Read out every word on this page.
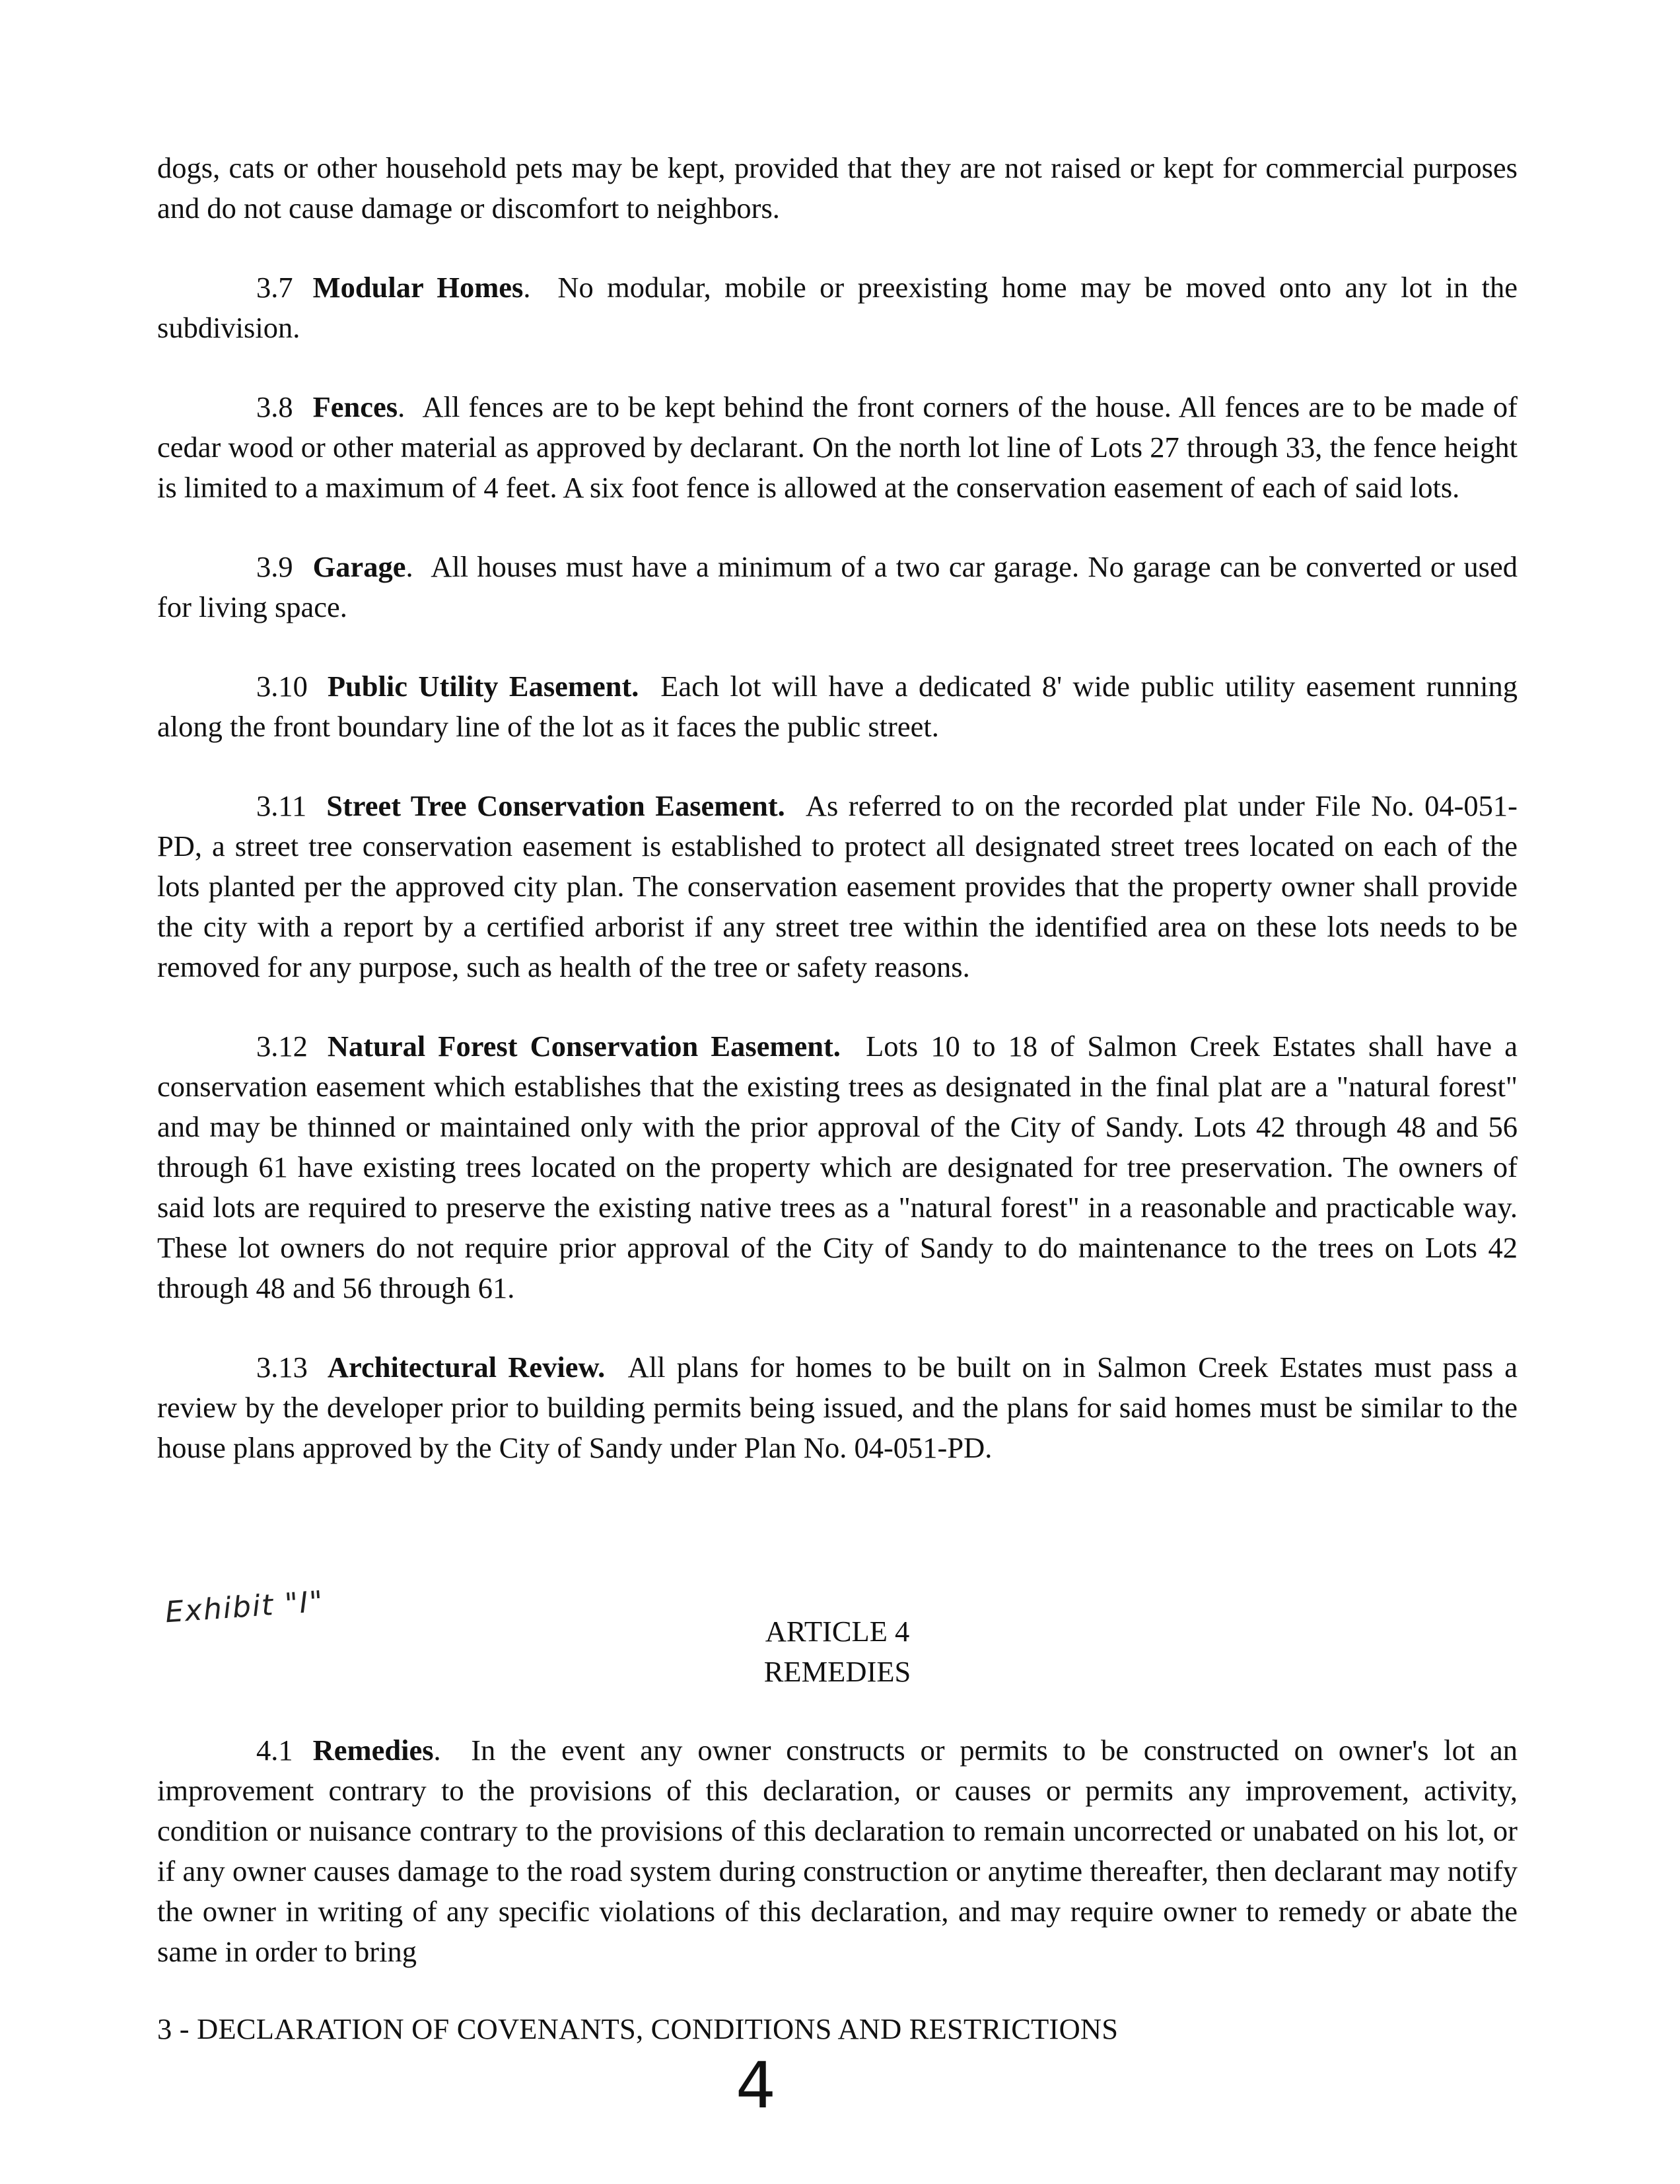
dogs, cats or other household pets may be kept, provided that they are not raised or kept for commercial purposes and do not cause damage or discomfort to neighbors.

3.7 Modular Homes.  No modular, mobile or preexisting home may be moved onto any lot in the subdivision.

3.8 Fences.  All fences are to be kept behind the front corners of the house. All fences are to be made of cedar wood or other material as approved by declarant. On the north lot line of Lots 27 through 33, the fence height is limited to a maximum of 4 feet. A six foot fence is allowed at the conservation easement of each of said lots.

3.9 Garage.  All houses must have a minimum of a two car garage. No garage can be converted or used for living space.

3.10 Public Utility Easement. Each lot will have a dedicated 8' wide public utility easement running along the front boundary line of the lot as it faces the public street.

3.11 Street Tree Conservation Easement. As referred to on the recorded plat under File No. 04-051-PD, a street tree conservation easement is established to protect all designated street trees located on each of the lots planted per the approved city plan. The conservation easement provides that the property owner shall provide the city with a report by a certified arborist if any street tree within the identified area on these lots needs to be removed for any purpose, such as health of the tree or safety reasons.

3.12 Natural Forest Conservation Easement. Lots 10 to 18 of Salmon Creek Estates shall have a conservation easement which establishes that the existing trees as designated in the final plat are a "natural forest" and may be thinned or maintained only with the prior approval of the City of Sandy. Lots 42 through 48 and 56 through 61 have existing trees located on the property which are designated for tree preservation. The owners of said lots are required to preserve the existing native trees as a "natural forest" in a reasonable and practicable way. These lot owners do not require prior approval of the City of Sandy to do maintenance to the trees on Lots 42 through 48 and 56 through 61.

3.13 Architectural Review. All plans for homes to be built on in Salmon Creek Estates must pass a review by the developer prior to building permits being issued, and the plans for said homes must be similar to the house plans approved by the City of Sandy under Plan No. 04-051-PD.

Exhibit "I"
ARTICLE 4
REMEDIES

4.1 Remedies.  In the event any owner constructs or permits to be constructed on owner's lot an improvement contrary to the provisions of this declaration, or causes or permits any improvement, activity, condition or nuisance contrary to the provisions of this declaration to remain uncorrected or unabated on his lot, or if any owner causes damage to the road system during construction or anytime thereafter, then declarant may notify the owner in writing of any specific violations of this declaration, and may require owner to remedy or abate the same in order to bring

3 - DECLARATION OF COVENANTS, CONDITIONS AND RESTRICTIONS
4
